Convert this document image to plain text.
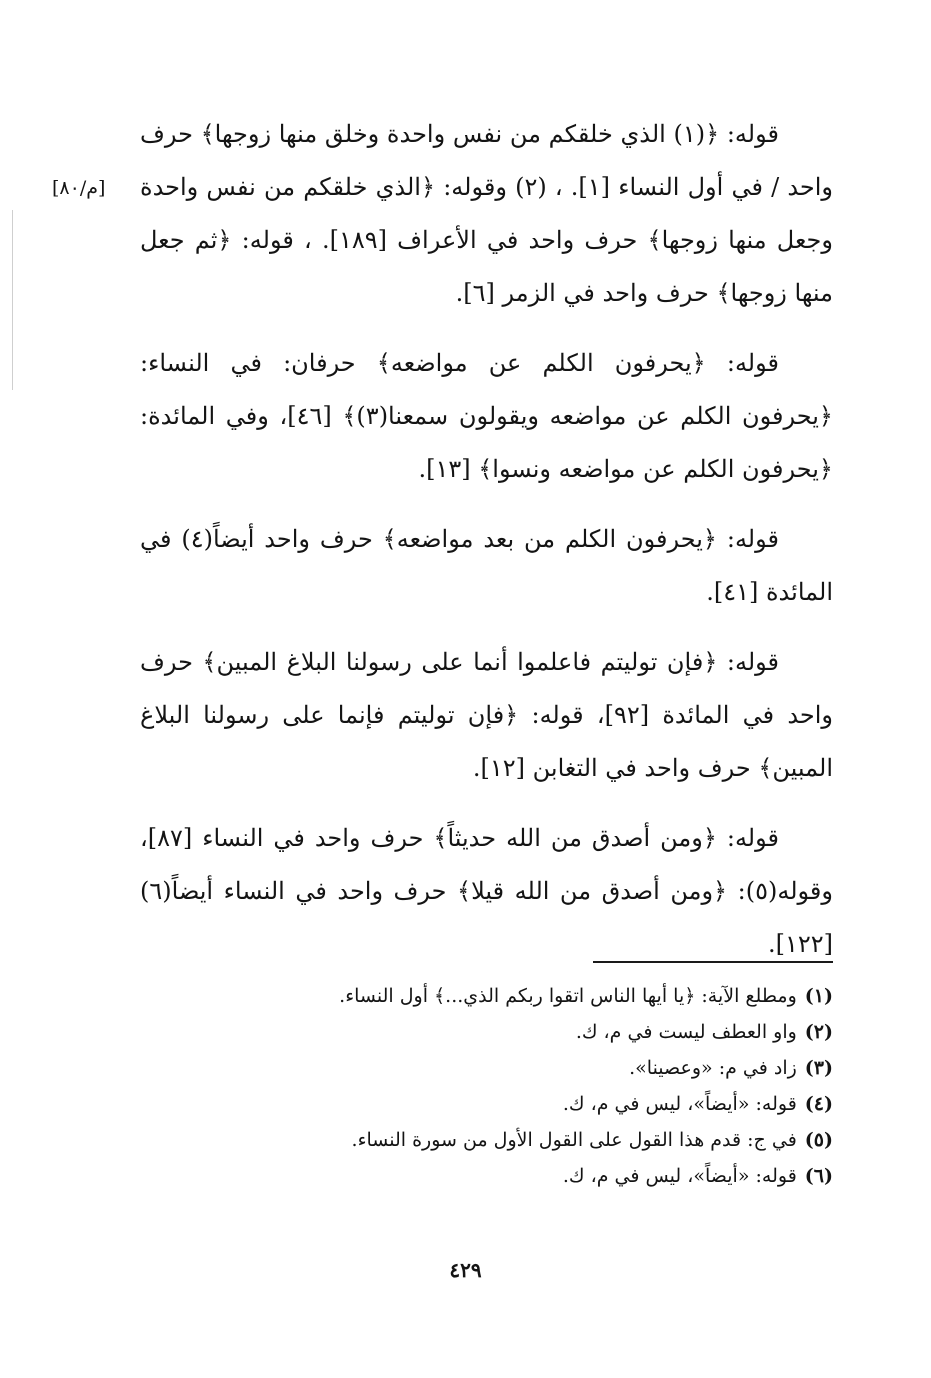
[م/٨٠]

قوله: ﴿(١) الذي خلقكم من نفس واحدة وخلق منها زوجها﴾ حرف واحد / في أول النساء [١]. ، (٢) وقوله: ﴿الذي خلقكم من نفس واحدة وجعل منها زوجها﴾ حرف واحد في الأعراف [١٨٩]. ، قوله: ﴿ثم جعل منها زوجها﴾ حرف واحد في الزمر [٦].

قوله: ﴿يحرفون الكلم عن مواضعه﴾ حرفان: في النساء: ﴿يحرفون الكلم عن مواضعه ويقولون سمعنا(٣)﴾ [٤٦]، وفي المائدة: ﴿يحرفون الكلم عن مواضعه ونسوا﴾ [١٣].

قوله: ﴿يحرفون الكلم من بعد مواضعه﴾ حرف واحد أيضاً(٤) في المائدة [٤١].

قوله: ﴿فإن توليتم فاعلموا أنما على رسولنا البلاغ المبين﴾ حرف واحد في المائدة [٩٢]، قوله: ﴿فإن توليتم فإنما على رسولنا البلاغ المبين﴾ حرف واحد في التغابن [١٢].

قوله: ﴿ومن أصدق من الله حديثاً﴾ حرف واحد في النساء [٨٧]، وقوله(٥): ﴿ومن أصدق من الله قيلا﴾ حرف واحد في النساء أيضاً(٦) [١٢٢].

(١)ومطلع الآية: ﴿يا أيها الناس اتقوا ربكم الذي...﴾ أول النساء.
(٢)واو العطف ليست في م، ك.
(٣)زاد في م: «وعصينا».
(٤)قوله: «أيضاً»، ليس في م، ك.
(٥)في ج: قدم هذا القول على القول الأول من سورة النساء.
(٦)قوله: «أيضاً»، ليس في م، ك.
٤٢٩
